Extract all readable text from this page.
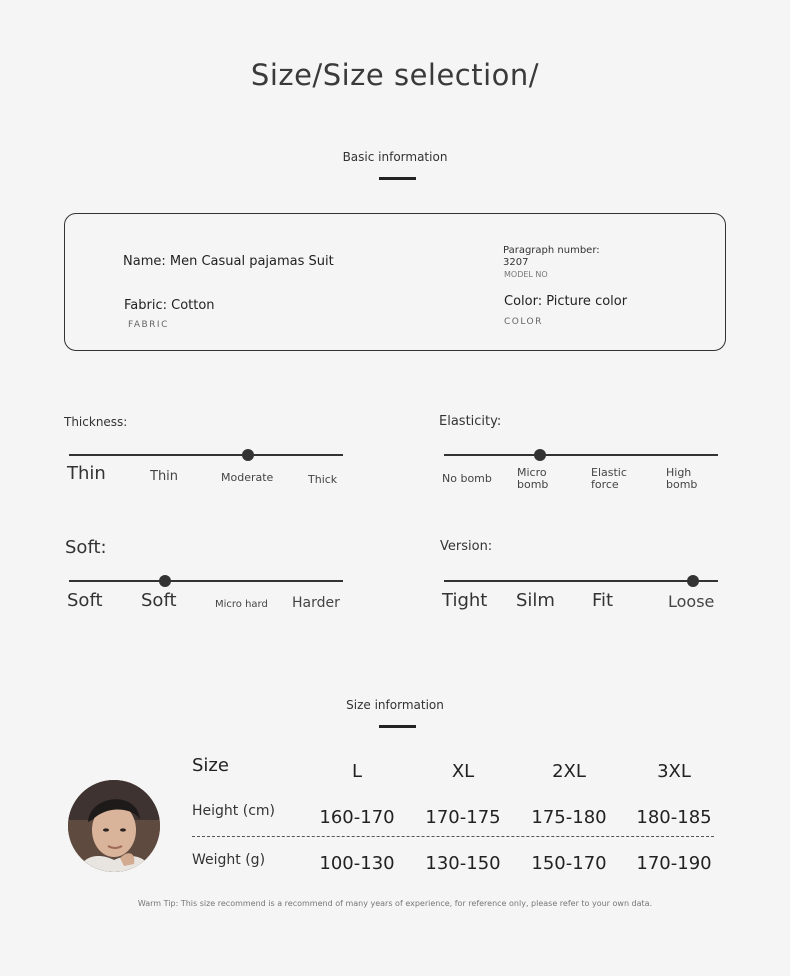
Size/Size selection/
Basic information
Name: Men Casual pajamas Suit
Fabric: Cotton
FABRIC
Paragraph number:
3207
MODEL NO
Color: Picture color
COLOR
Thickness:
Thin	Thin	Moderate	Thick
Elasticity:
No bomb Micro
bomb
Elastic
force
High
bomb
Soft:
Soft Soft	Micro hard Harder
Version:
Tight Silm Fit	Loose
Size information
Size	L	XL	2XL	3XL
Height (cm)	160-170	170-175	175-180	180-185
Weight (g)	100-130	130-150	150-170	170-190
Warm Tip: This size recommend is a recommend of many years of experience, for reference only, please refer to your own data.
